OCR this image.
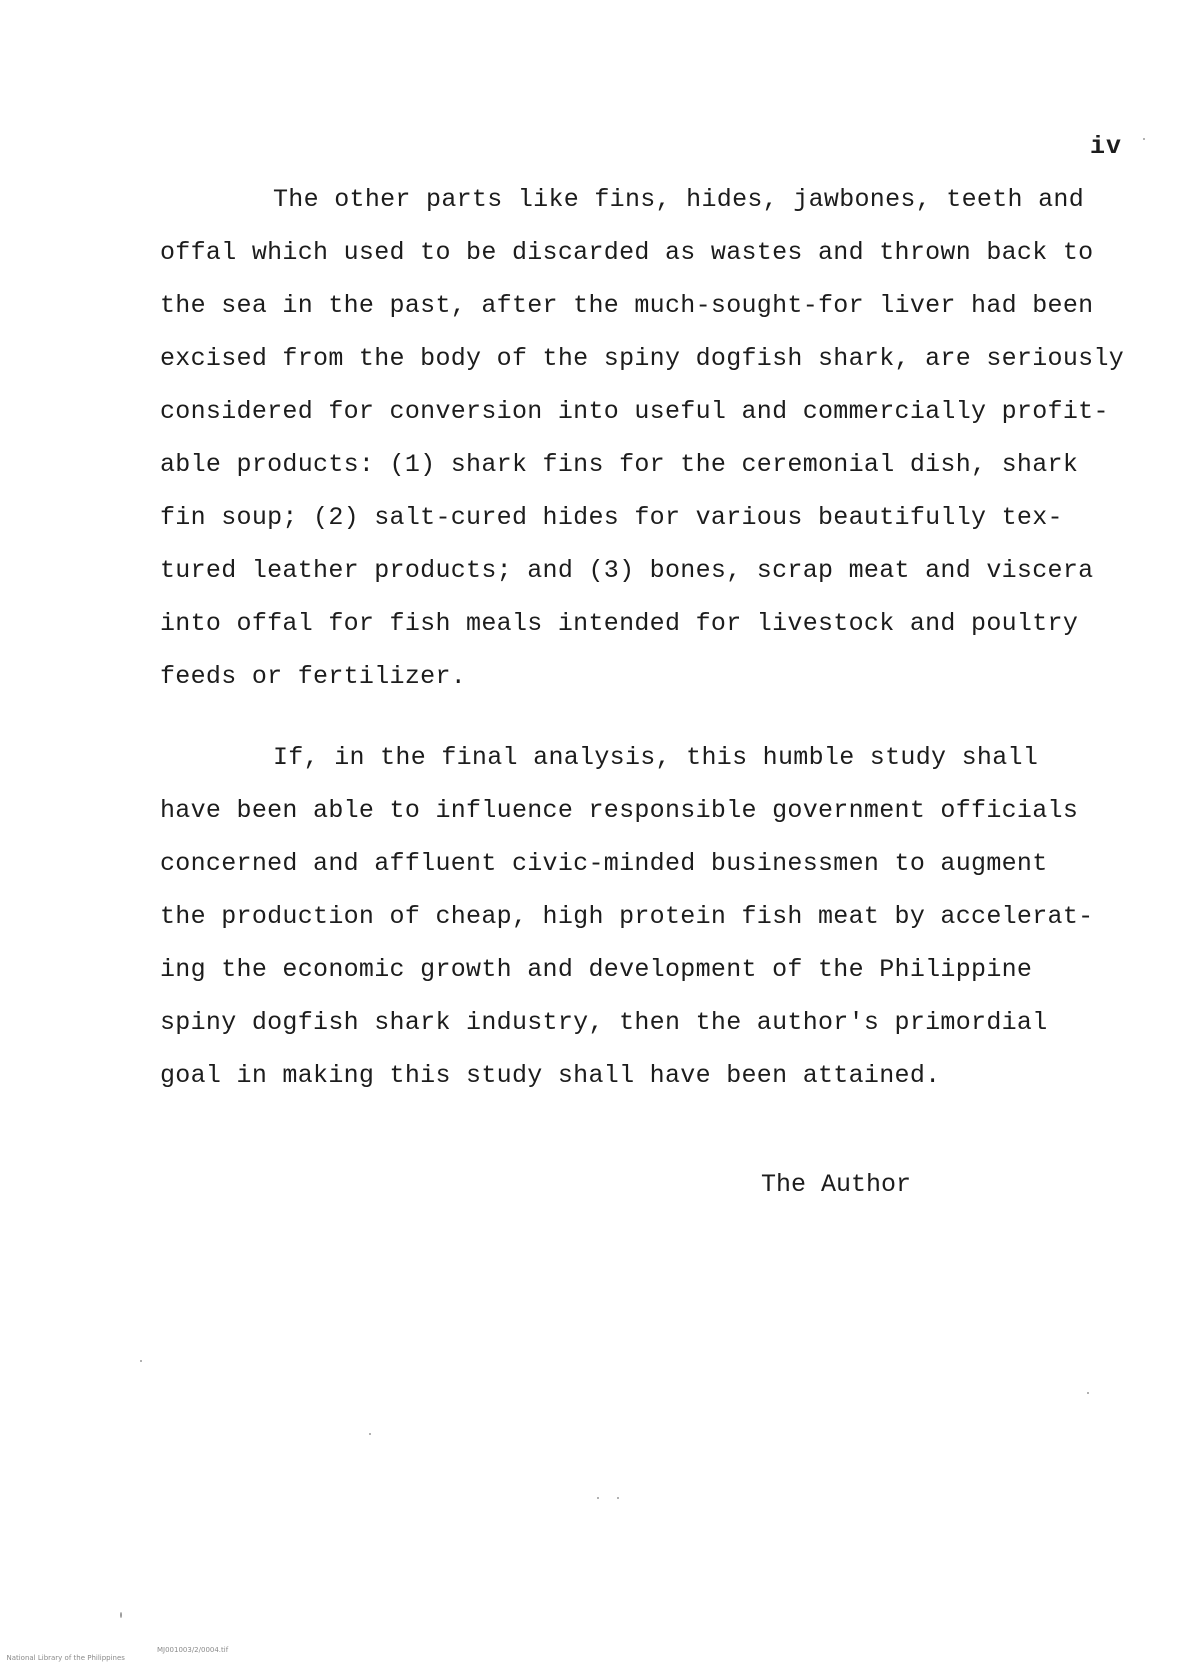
iv
The other parts like fins, hides, jawbones, teeth and
offal which used to be discarded as wastes and thrown back to
the sea in the past, after the much-sought-for liver had been
excised from the body of the spiny dogfish shark, are seriously
considered for conversion into useful and commercially profit-
able products: (1) shark fins for the ceremonial dish, shark
fin soup; (2) salt-cured hides for various beautifully tex-
tured leather products; and (3) bones, scrap meat and viscera
into offal for fish meals intended for livestock and poultry
feeds or fertilizer.
If, in the final analysis, this humble study shall
have been able to influence responsible government officials
concerned and affluent civic-minded businessmen to augment
the production of cheap, high protein fish meat by accelerat-
ing the economic growth and development of the Philippine
spiny dogfish shark industry, then the author's primordial
goal in making this study shall have been attained.
The Author

National Library of the Philippines

MJ001003/2/0004.tif
